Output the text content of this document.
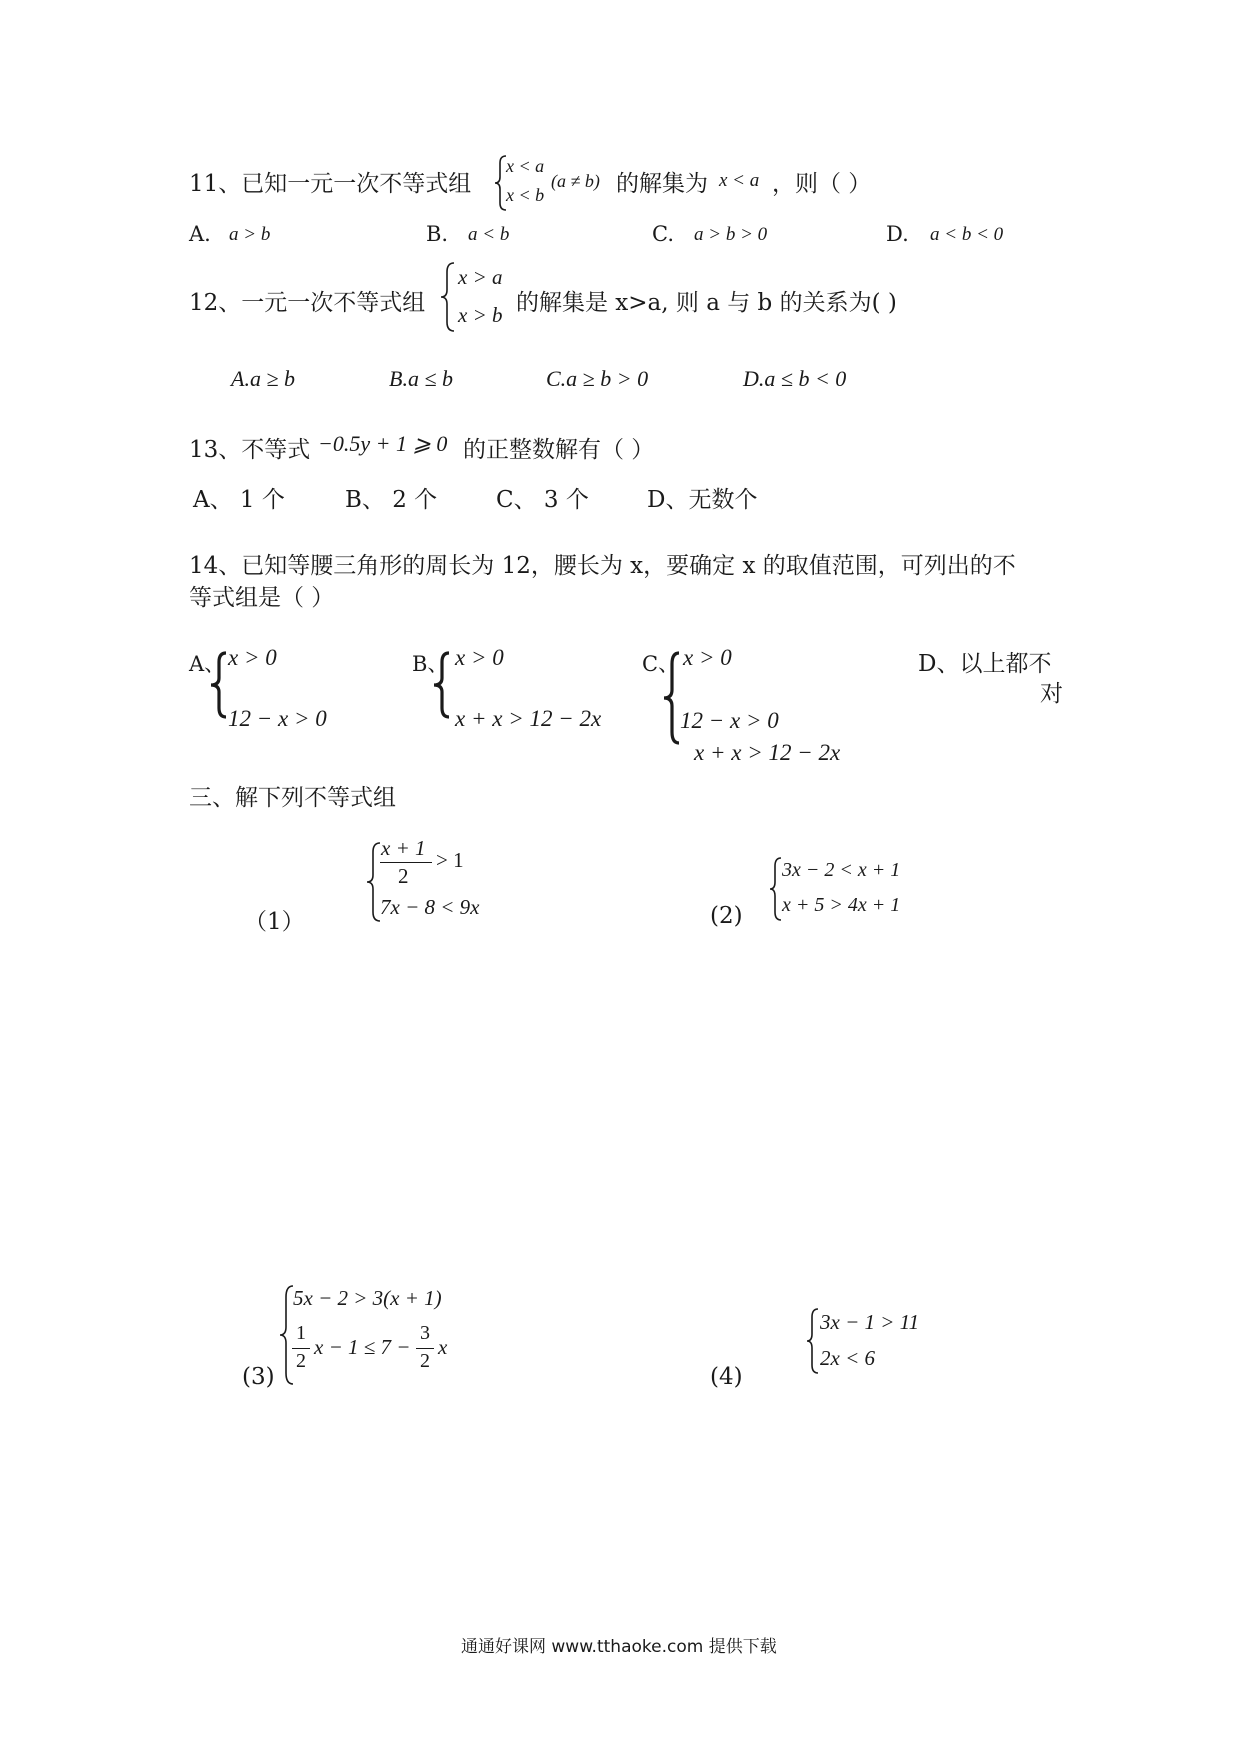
11、已知一元一次不等式组
x < a
x < b
(a ≠ b) 的解集为 x < a ，则（ ）
A. a > b	B. a < b	C. a > b > 0	D. a < b < 0
12、一元一次不等式组
x > a
x > b 的解集是 x>a, 则 a 与 b 的关系为( )
A.a ≥ b	B.a ≤ b	C.a ≥ b > 0	D.a ≤ b < 0
13、不等式 −0.5y + 1 ⩾ 0 的正整数解有（ ）
A、 1 个	B、 2 个	C、 3 个	D、无数个
14、已知等腰三角形的周长为 12，腰长为 x，要确定 x 的取值范围，可列出的不
等式组是（ ）
A、 x > 0
12 − x > 0
B、 x > 0
x + x > 12 − 2x
C、 x > 0
12 − x > 0
x + x > 12 − 2x
D、以上都不
对
三、解下列不等式组
（1）
x + 1
2
> 1
7x − 8 < 9x	(2)
3x − 2 < x + 1
x + 5 > 4x + 1
(3)
5x − 2 > 3(x + 1)
1
2
x − 1 ≤ 7 −
3
2
x
(4)
3x − 1 > 11
2x < 6
通通好课网 www.tthaoke.com 提供下载
